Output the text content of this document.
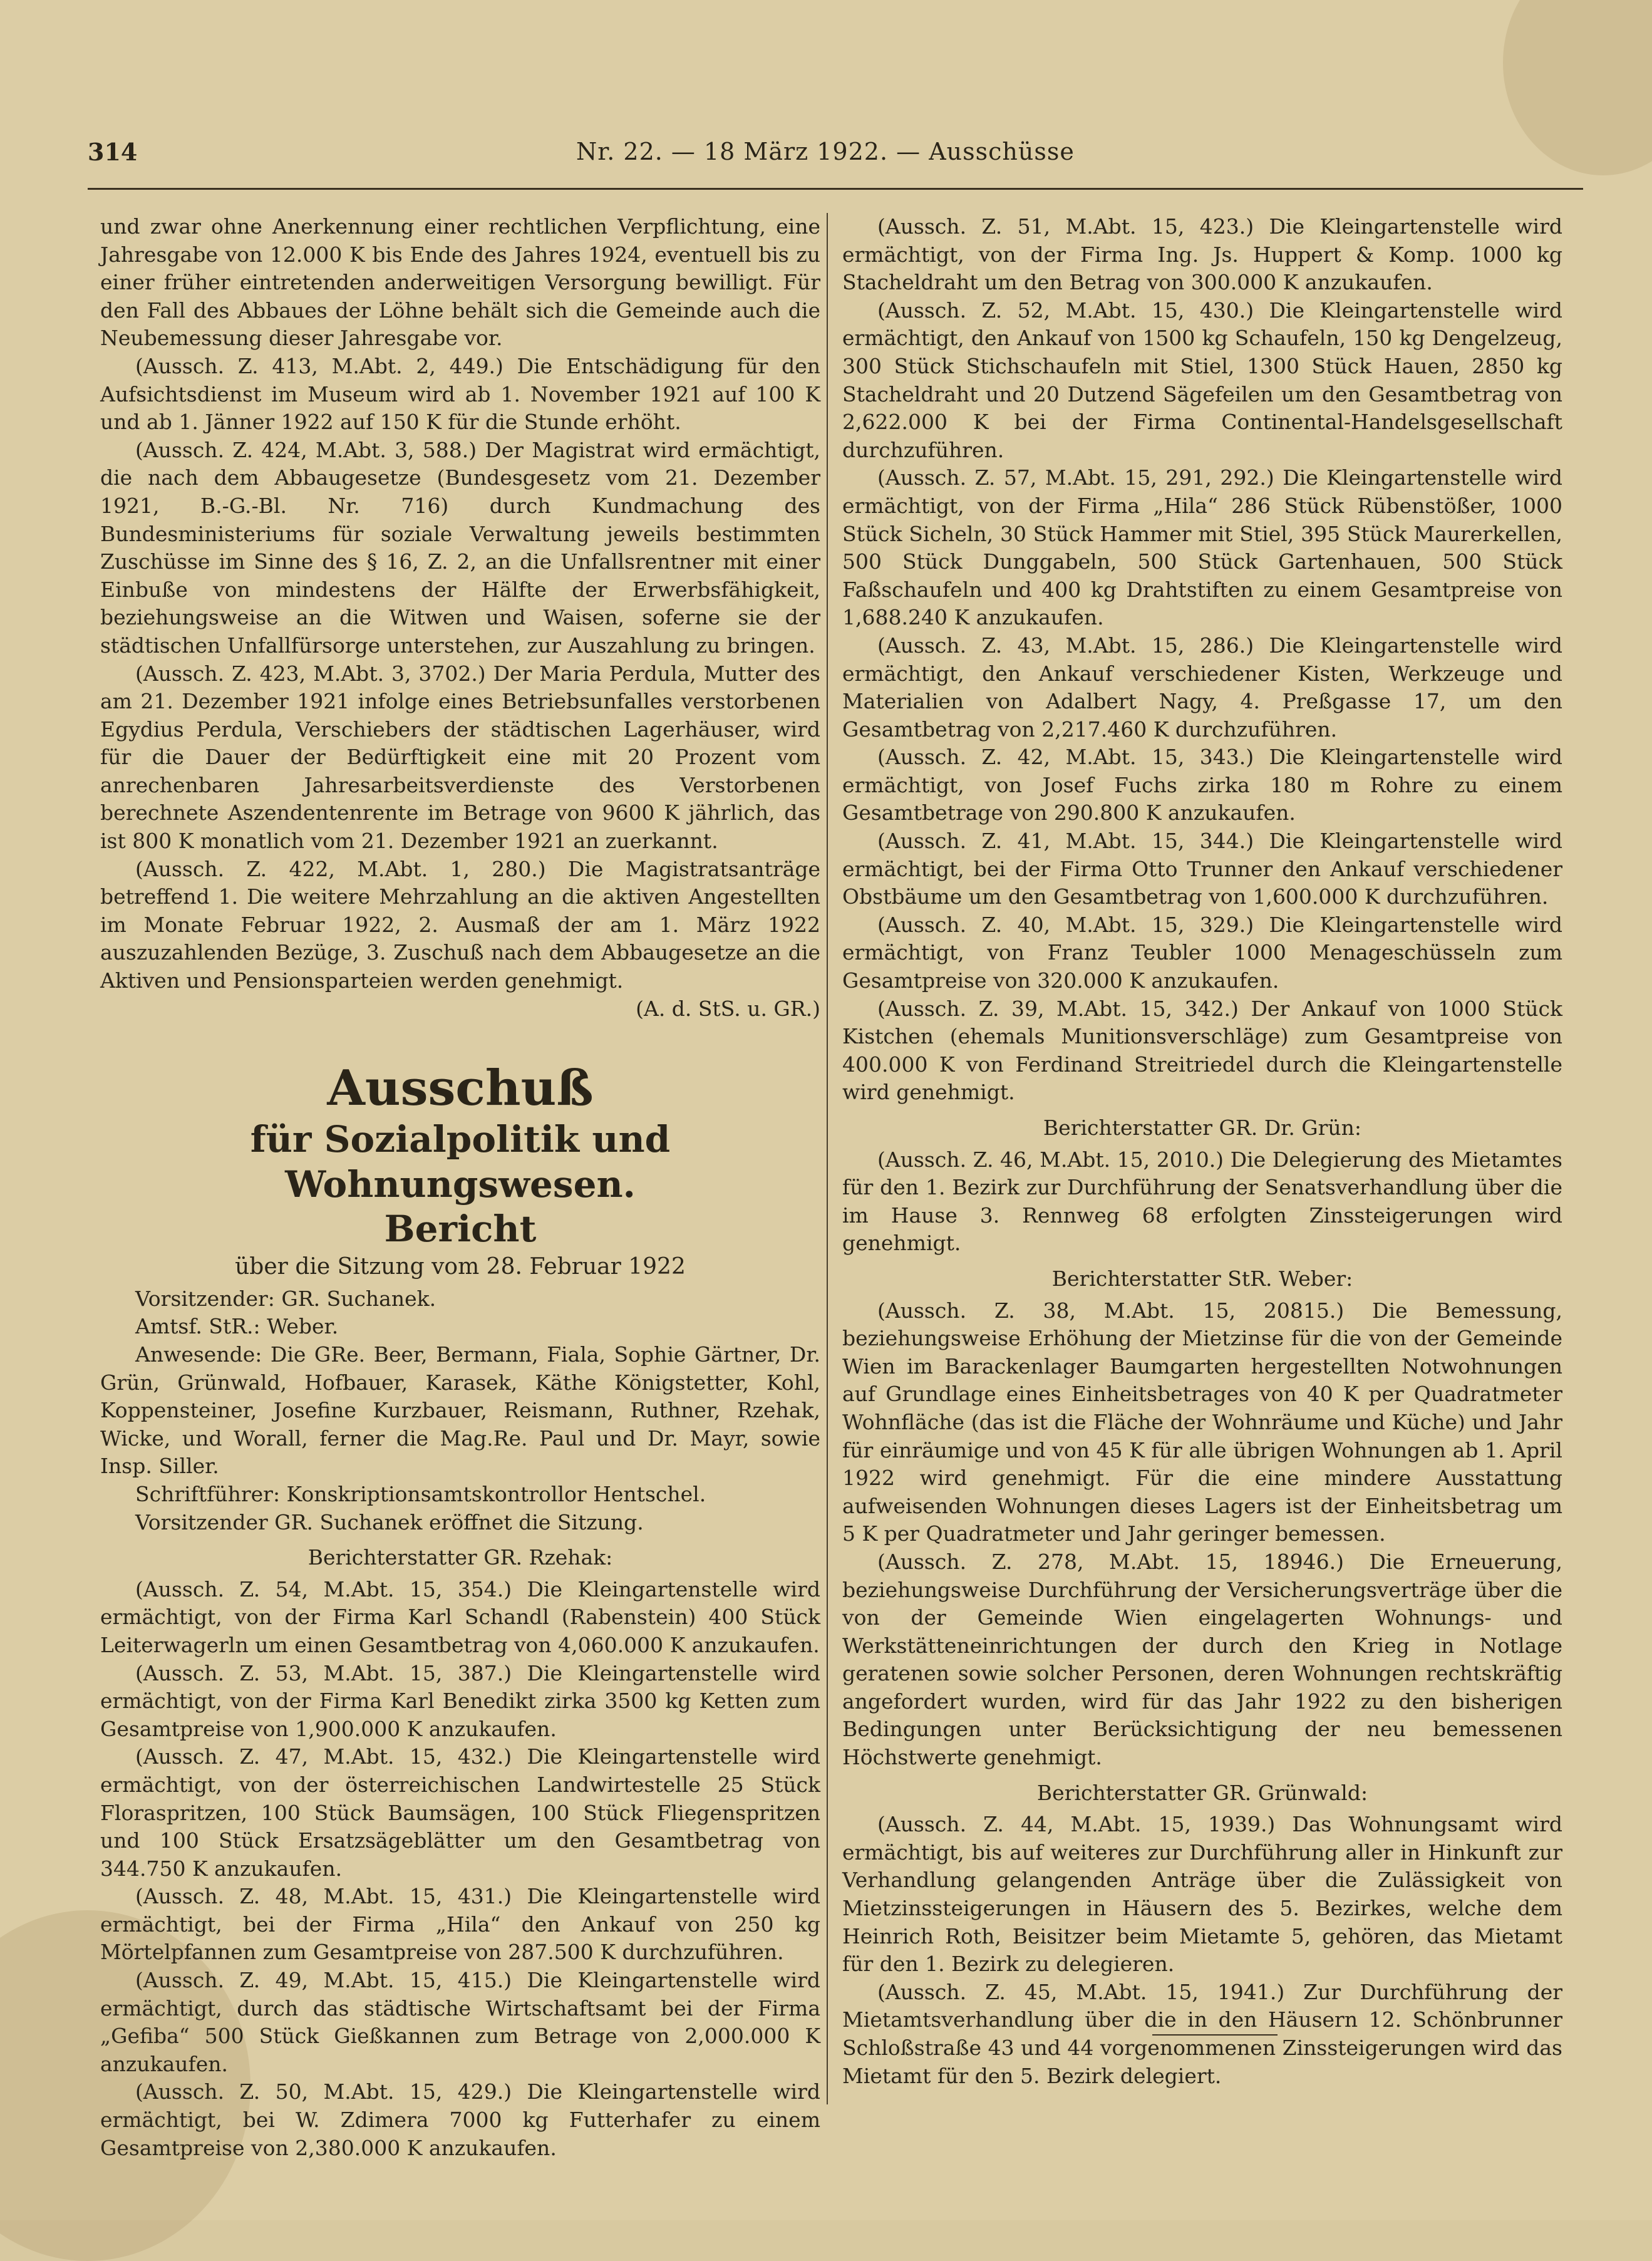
314	Nr. 22. — 18 März 1922. — Ausschüsse

und zwar ohne Anerkennung einer rechtlichen Verpflichtung, eine Jahresgabe von 12.000 K bis Ende des Jahres 1924, eventuell bis zu einer früher eintretenden anderweitigen Versorgung bewilligt. Für den Fall des Abbaues der Löhne behält sich die Gemeinde auch die Neubemessung dieser Jahresgabe vor.

(Aussch. Z. 413, M.Abt. 2, 449.) Die Entschädigung für den Aufsichtsdienst im Museum wird ab 1. November 1921 auf 100 K und ab 1. Jänner 1922 auf 150 K für die Stunde erhöht.

(Aussch. Z. 424, M.Abt. 3, 588.) Der Magistrat wird ermächtigt, die nach dem Abbaugesetze (Bundesgesetz vom 21. Dezember 1921, B.-G.-Bl. Nr. 716) durch Kundmachung des Bundesministeriums für soziale Verwaltung jeweils bestimmten Zuschüsse im Sinne des § 16, Z. 2, an die Unfallsrentner mit einer Einbuße von mindestens der Hälfte der Erwerbsfähigkeit, beziehungsweise an die Witwen und Waisen, soferne sie der städtischen Unfallfürsorge unterstehen, zur Auszahlung zu bringen.

(Aussch. Z. 423, M.Abt. 3, 3702.) Der Maria Perdula, Mutter des am 21. Dezember 1921 infolge eines Betriebsunfalles verstorbenen Egydius Perdula, Verschiebers der städtischen Lagerhäuser, wird für die Dauer der Bedürftigkeit eine mit 20 Prozent vom anrechenbaren Jahresarbeitsverdienste des Verstorbenen berechnete Aszendentenrente im Betrage von 9600 K jährlich, das ist 800 K monatlich vom 21. Dezember 1921 an zuerkannt.

(Aussch. Z. 422, M.Abt. 1, 280.) Die Magistratsanträge betreffend 1. Die weitere Mehrzahlung an die aktiven Angestellten im Monate Februar 1922, 2. Ausmaß der am 1. März 1922 auszuzahlenden Bezüge, 3. Zuschuß nach dem Abbaugesetze an die Aktiven und Pensionsparteien werden genehmigt.

(A. d. StS. u. GR.)

Ausschuß
für Sozialpolitik und Wohnungswesen.
Bericht
über die Sitzung vom 28. Februar 1922

Vorsitzender: GR. Suchanek.

Amtsf. StR.: Weber.

Anwesende: Die GRe. Beer, Bermann, Fiala, Sophie Gärtner, Dr. Grün, Grünwald, Hofbauer, Karasek, Käthe Königstetter, Kohl, Koppensteiner, Josefine Kurzbauer, Reismann, Ruthner, Rzehak, Wicke, und Worall, ferner die Mag.Re. Paul und Dr. Mayr, sowie Insp. Siller.

Schriftführer: Konskriptionsamtskontrollor Hentschel.

Vorsitzender GR. Suchanek eröffnet die Sitzung.

Berichterstatter GR. Rzehak:

(Aussch. Z. 54, M.Abt. 15, 354.) Die Kleingartenstelle wird ermächtigt, von der Firma Karl Schandl (Rabenstein) 400 Stück Leiterwagerln um einen Gesamtbetrag von 4,060.000 K anzukaufen.

(Aussch. Z. 53, M.Abt. 15, 387.) Die Kleingartenstelle wird ermächtigt, von der Firma Karl Benedikt zirka 3500 kg Ketten zum Gesamtpreise von 1,900.000 K anzukaufen.

(Aussch. Z. 47, M.Abt. 15, 432.) Die Kleingartenstelle wird ermächtigt, von der österreichischen Landwirtestelle 25 Stück Floraspritzen, 100 Stück Baumsägen, 100 Stück Fliegenspritzen und 100 Stück Ersatzsägeblätter um den Gesamtbetrag von 344.750 K anzukaufen.

(Aussch. Z. 48, M.Abt. 15, 431.) Die Kleingartenstelle wird ermächtigt, bei der Firma „Hila“ den Ankauf von 250 kg Mörtelpfannen zum Gesamtpreise von 287.500 K durchzuführen.

(Aussch. Z. 49, M.Abt. 15, 415.) Die Kleingartenstelle wird ermächtigt, durch das städtische Wirtschaftsamt bei der Firma „Gefiba“ 500 Stück Gießkannen zum Betrage von 2,000.000 K anzukaufen.

(Aussch. Z. 50, M.Abt. 15, 429.) Die Kleingartenstelle wird ermächtigt, bei W. Zdimera 7000 kg Futterhafer zu einem Gesamtpreise von 2,380.000 K anzukaufen.

(Aussch. Z. 51, M.Abt. 15, 423.) Die Kleingartenstelle wird ermächtigt, von der Firma Ing. Js. Huppert & Komp. 1000 kg Stacheldraht um den Betrag von 300.000 K anzukaufen.

(Aussch. Z. 52, M.Abt. 15, 430.) Die Kleingartenstelle wird ermächtigt, den Ankauf von 1500 kg Schaufeln, 150 kg Dengelzeug, 300 Stück Stichschaufeln mit Stiel, 1300 Stück Hauen, 2850 kg Stacheldraht und 20 Dutzend Sägefeilen um den Gesamtbetrag von 2,622.000 K bei der Firma Continental-Handelsgesellschaft durchzuführen.

(Aussch. Z. 57, M.Abt. 15, 291, 292.) Die Kleingartenstelle wird ermächtigt, von der Firma „Hila“ 286 Stück Rübenstößer, 1000 Stück Sicheln, 30 Stück Hammer mit Stiel, 395 Stück Maurerkellen, 500 Stück Dunggabeln, 500 Stück Gartenhauen, 500 Stück Faßschaufeln und 400 kg Drahtstiften zu einem Gesamtpreise von 1,688.240 K anzukaufen.

(Aussch. Z. 43, M.Abt. 15, 286.) Die Kleingartenstelle wird ermächtigt, den Ankauf verschiedener Kisten, Werkzeuge und Materialien von Adalbert Nagy, 4. Preßgasse 17, um den Gesamtbetrag von 2,217.460 K durchzuführen.

(Aussch. Z. 42, M.Abt. 15, 343.) Die Kleingartenstelle wird ermächtigt, von Josef Fuchs zirka 180 m Rohre zu einem Gesamtbetrage von 290.800 K anzukaufen.

(Aussch. Z. 41, M.Abt. 15, 344.) Die Kleingartenstelle wird ermächtigt, bei der Firma Otto Trunner den Ankauf verschiedener Obstbäume um den Gesamtbetrag von 1,600.000 K durchzuführen.

(Aussch. Z. 40, M.Abt. 15, 329.) Die Kleingartenstelle wird ermächtigt, von Franz Teubler 1000 Menageschüsseln zum Gesamtpreise von 320.000 K anzukaufen.

(Aussch. Z. 39, M.Abt. 15, 342.) Der Ankauf von 1000 Stück Kistchen (ehemals Munitionsverschläge) zum Gesamtpreise von 400.000 K von Ferdinand Streitriedel durch die Kleingartenstelle wird genehmigt.

Berichterstatter GR. Dr. Grün:

(Aussch. Z. 46, M.Abt. 15, 2010.) Die Delegierung des Mietamtes für den 1. Bezirk zur Durchführung der Senatsverhandlung über die im Hause 3. Rennweg 68 erfolgten Zinssteigerungen wird genehmigt.

Berichterstatter StR. Weber:

(Aussch. Z. 38, M.Abt. 15, 20815.) Die Bemessung, beziehungsweise Erhöhung der Mietzinse für die von der Gemeinde Wien im Barackenlager Baumgarten hergestellten Notwohnungen auf Grundlage eines Einheitsbetrages von 40 K per Quadratmeter Wohnfläche (das ist die Fläche der Wohnräume und Küche) und Jahr für einräumige und von 45 K für alle übrigen Wohnungen ab 1. April 1922 wird genehmigt. Für die eine mindere Ausstattung aufweisenden Wohnungen dieses Lagers ist der Einheitsbetrag um 5 K per Quadratmeter und Jahr geringer bemessen.

(Aussch. Z. 278, M.Abt. 15, 18946.) Die Erneuerung, beziehungsweise Durchführung der Versicherungsverträge über die von der Gemeinde Wien eingelagerten Wohnungs- und Werkstätteneinrichtungen der durch den Krieg in Notlage geratenen sowie solcher Personen, deren Wohnungen rechtskräftig angefordert wurden, wird für das Jahr 1922 zu den bisherigen Bedingungen unter Berücksichtigung der neu bemessenen Höchstwerte genehmigt.

Berichterstatter GR. Grünwald:

(Aussch. Z. 44, M.Abt. 15, 1939.) Das Wohnungsamt wird ermächtigt, bis auf weiteres zur Durchführung aller in Hinkunft zur Verhandlung gelangenden Anträge über die Zulässigkeit von Mietzinssteigerungen in Häusern des 5. Bezirkes, welche dem Heinrich Roth, Beisitzer beim Mietamte 5, gehören, das Mietamt für den 1. Bezirk zu delegieren.

(Aussch. Z. 45, M.Abt. 15, 1941.) Zur Durchführung der Mietamtsverhandlung über die in den Häusern 12. Schönbrunner Schloßstraße 43 und 44 vorgenommenen Zinssteigerungen wird das Mietamt für den 5. Bezirk delegiert.
